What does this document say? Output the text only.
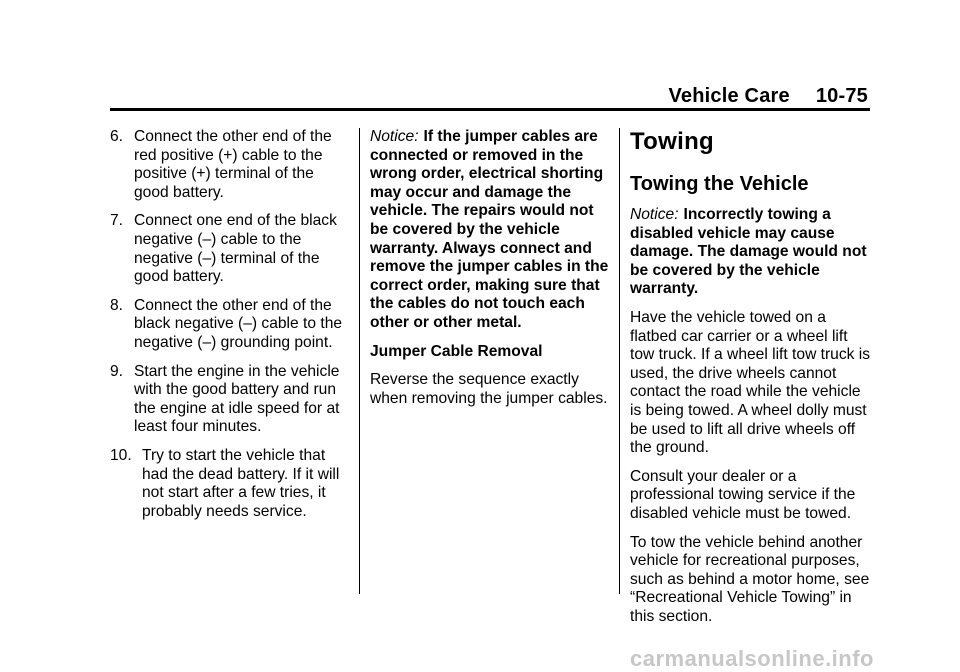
Vehicle Care 10-75
6. Connect the other end of the red positive (+) cable to the positive (+) terminal of the good battery.
7. Connect one end of the black negative (–) cable to the negative (–) terminal of the good battery.
8. Connect the other end of the black negative (–) cable to the negative (–) grounding point.
9. Start the engine in the vehicle with the good battery and run the engine at idle speed for at least four minutes.
10. Try to start the vehicle that had the dead battery. If it will not start after a few tries, it probably needs service.

Notice: If the jumper cables are connected or removed in the wrong order, electrical shorting may occur and damage the vehicle. The repairs would not be covered by the vehicle warranty. Always connect and remove the jumper cables in the correct order, making sure that the cables do not touch each other or other metal.

Jumper Cable Removal

Reverse the sequence exactly when removing the jumper cables.

Towing
Towing the Vehicle

Notice: Incorrectly towing a disabled vehicle may cause damage. The damage would not be covered by the vehicle warranty.

Have the vehicle towed on a flatbed car carrier or a wheel lift tow truck. If a wheel lift tow truck is used, the drive wheels cannot contact the road while the vehicle is being towed. A wheel dolly must be used to lift all drive wheels off the ground.

Consult your dealer or a professional towing service if the disabled vehicle must be towed.

To tow the vehicle behind another vehicle for recreational purposes, such as behind a motor home, see “Recreational Vehicle Towing” in this section.

carmanualsonline.info
